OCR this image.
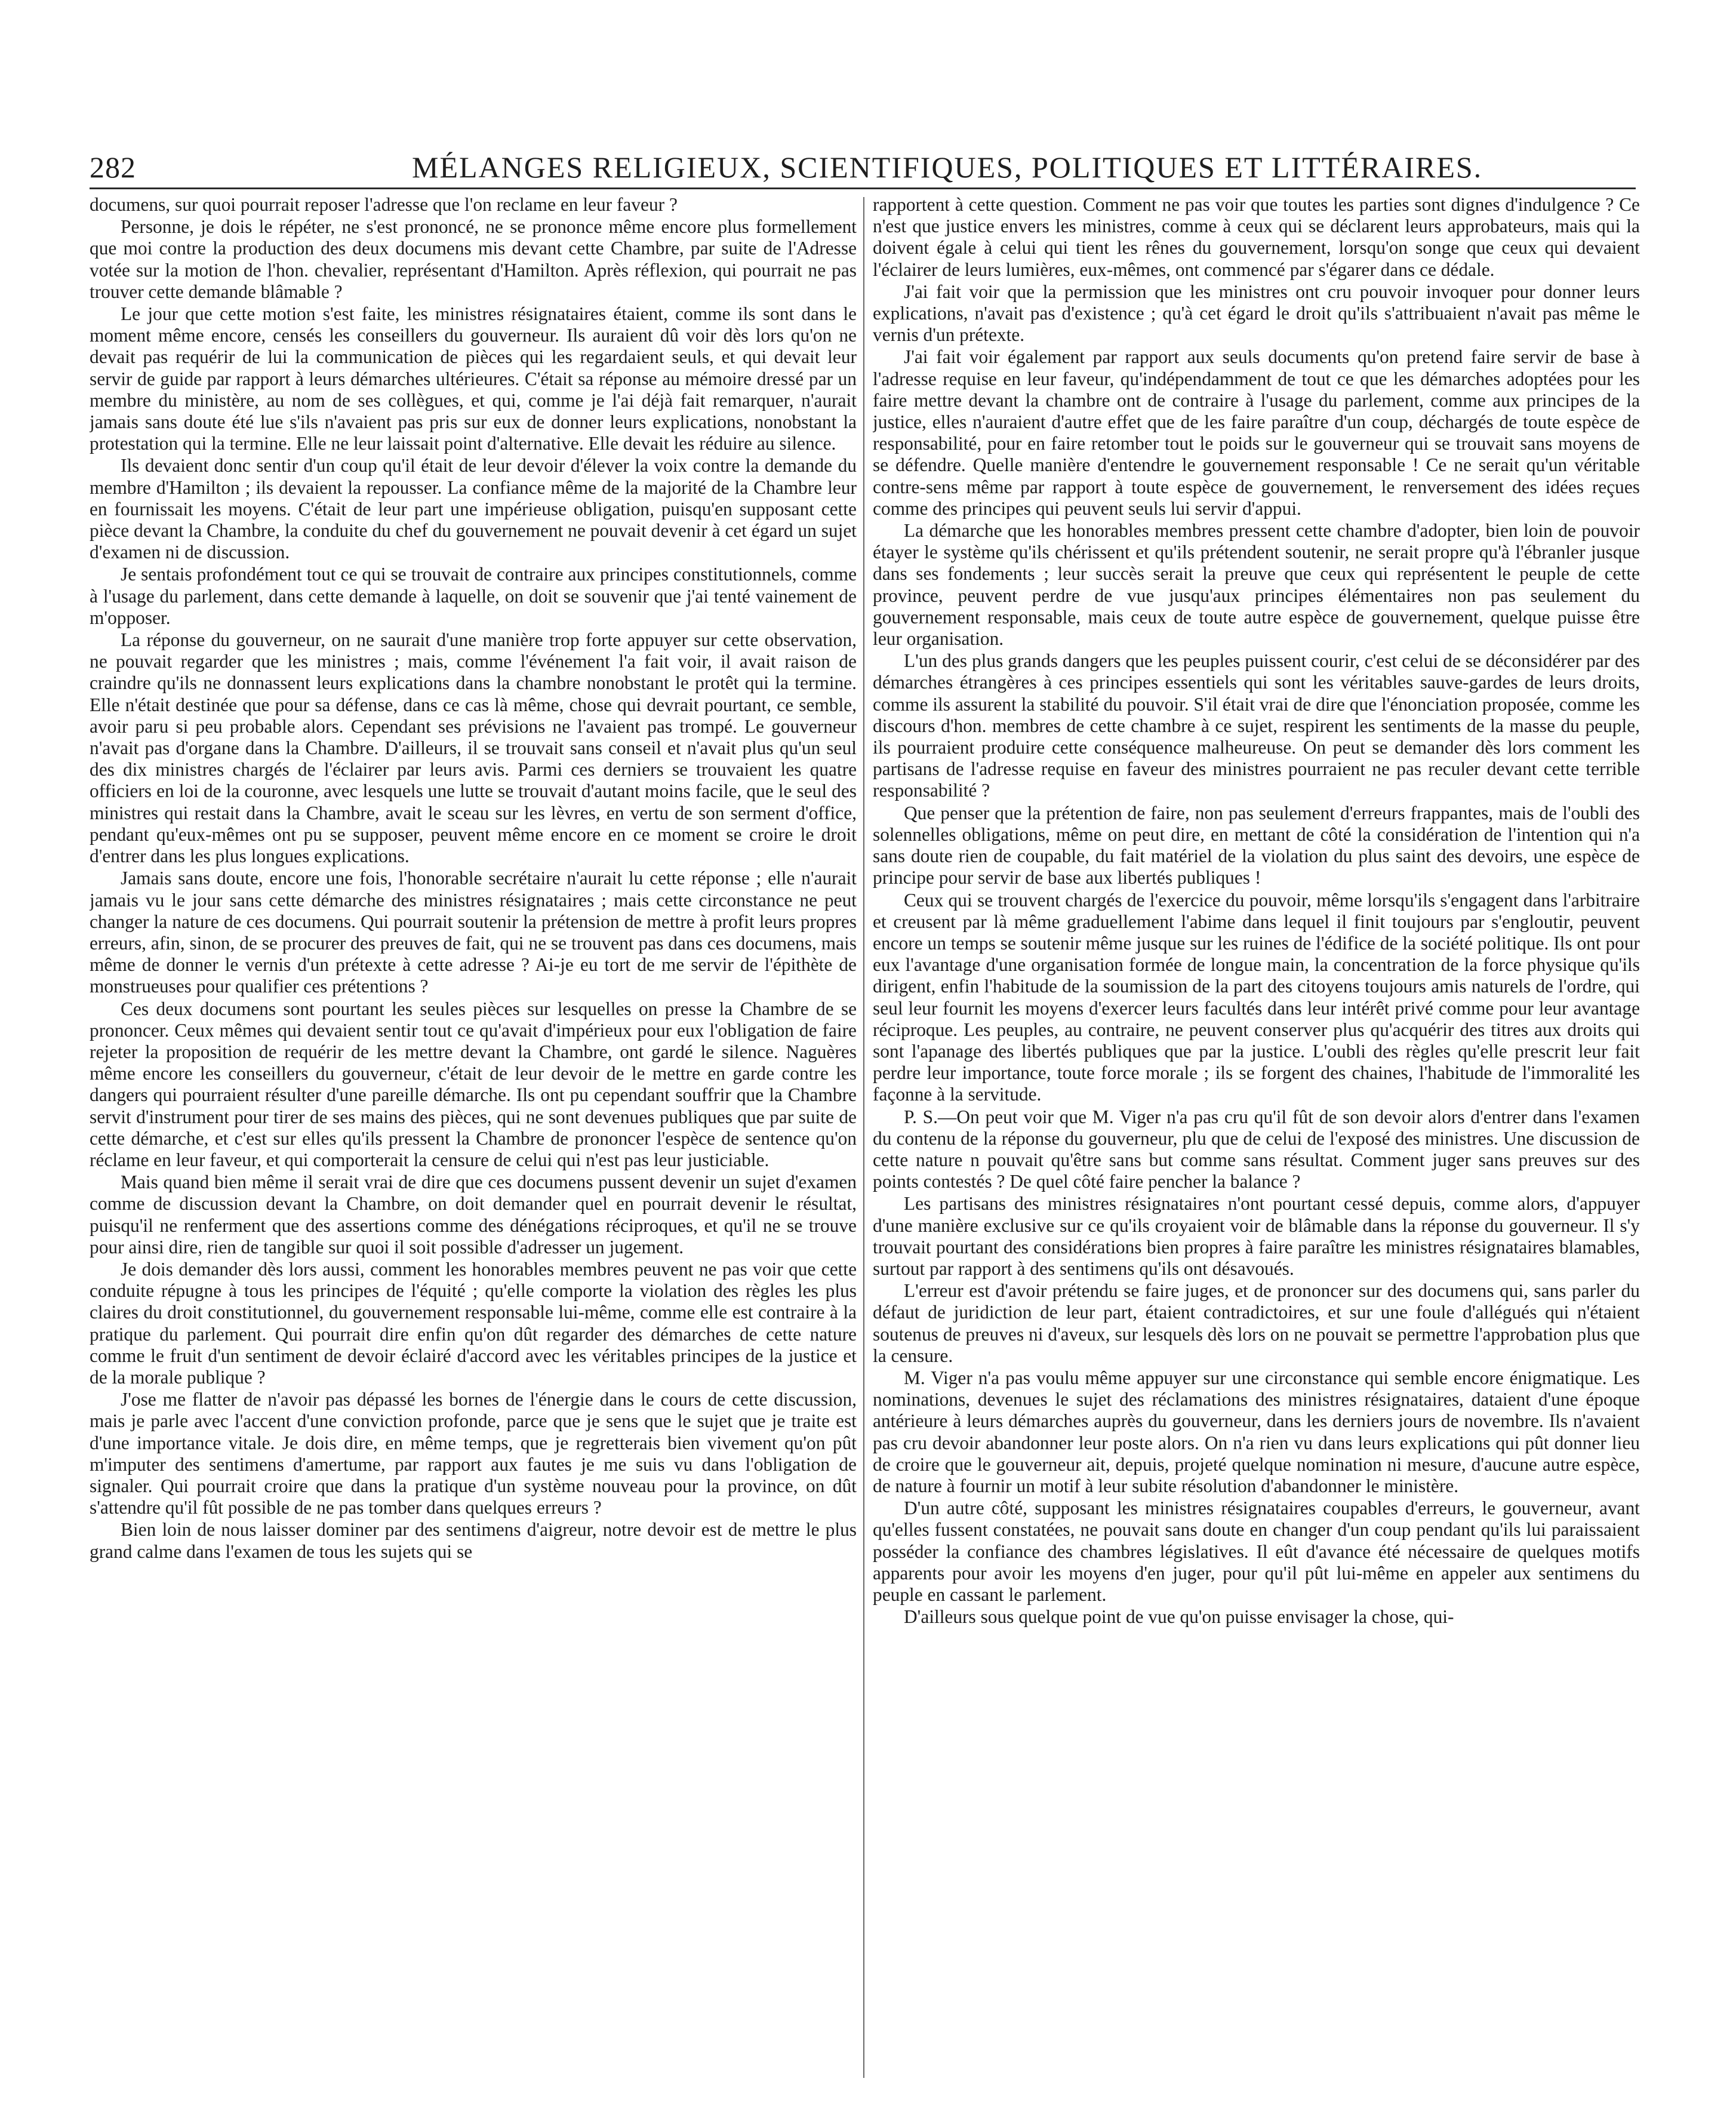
282	MÉLANGES RELIGIEUX, SCIENTIFIQUES, POLITIQUES ET LITTÉRAIRES.

documens, sur quoi pourrait reposer l'adresse que l'on reclame en leur faveur ?

Personne, je dois le répéter, ne s'est prononcé, ne se prononce même encore plus formellement que moi contre la production des deux documens mis devant cette Chambre, par suite de l'Adresse votée sur la motion de l'hon. chevalier, représentant d'Hamilton. Après réflexion, qui pourrait ne pas trouver cette demande blâmable ?

Le jour que cette motion s'est faite, les ministres résignataires étaient, comme ils sont dans le moment même encore, censés les conseillers du gouverneur. Ils auraient dû voir dès lors qu'on ne devait pas requérir de lui la communication de pièces qui les regardaient seuls, et qui devait leur servir de guide par rapport à leurs démarches ultérieures. C'était sa réponse au mémoire dressé par un membre du ministère, au nom de ses collègues, et qui, comme je l'ai déjà fait remarquer, n'aurait jamais sans doute été lue s'ils n'avaient pas pris sur eux de donner leurs explications, nonobstant la protestation qui la termine. Elle ne leur laissait point d'alternative. Elle devait les réduire au silence.

Ils devaient donc sentir d'un coup qu'il était de leur devoir d'élever la voix contre la demande du membre d'Hamilton ; ils devaient la repousser. La confiance même de la majorité de la Chambre leur en fournissait les moyens. C'était de leur part une impérieuse obligation, puisqu'en supposant cette pièce devant la Chambre, la conduite du chef du gouvernement ne pouvait devenir à cet égard un sujet d'examen ni de discussion.

Je sentais profondément tout ce qui se trouvait de contraire aux principes constitutionnels, comme à l'usage du parlement, dans cette demande à laquelle, on doit se souvenir que j'ai tenté vainement de m'opposer.

La réponse du gouverneur, on ne saurait d'une manière trop forte appuyer sur cette observation, ne pouvait regarder que les ministres ; mais, comme l'événement l'a fait voir, il avait raison de craindre qu'ils ne donnassent leurs explications dans la chambre nonobstant le protêt qui la termine. Elle n'était destinée que pour sa défense, dans ce cas là même, chose qui devrait pourtant, ce semble, avoir paru si peu probable alors. Cependant ses prévisions ne l'avaient pas trompé. Le gouverneur n'avait pas d'organe dans la Chambre. D'ailleurs, il se trouvait sans conseil et n'avait plus qu'un seul des dix ministres chargés de l'éclairer par leurs avis. Parmi ces derniers se trouvaient les quatre officiers en loi de la couronne, avec lesquels une lutte se trouvait d'autant moins facile, que le seul des ministres qui restait dans la Chambre, avait le sceau sur les lèvres, en vertu de son serment d'office, pendant qu'eux-mêmes ont pu se supposer, peuvent même encore en ce moment se croire le droit d'entrer dans les plus longues explications.

Jamais sans doute, encore une fois, l'honorable secrétaire n'aurait lu cette réponse ; elle n'aurait jamais vu le jour sans cette démarche des ministres résignataires ; mais cette circonstance ne peut changer la nature de ces documens. Qui pourrait soutenir la prétension de mettre à profit leurs propres erreurs, afin, sinon, de se procurer des preuves de fait, qui ne se trouvent pas dans ces documens, mais même de donner le vernis d'un prétexte à cette adresse ? Ai-je eu tort de me servir de l'épithète de monstrueuses pour qualifier ces prétentions ?

Ces deux documens sont pourtant les seules pièces sur lesquelles on presse la Chambre de se prononcer. Ceux mêmes qui devaient sentir tout ce qu'avait d'impérieux pour eux l'obligation de faire rejeter la proposition de requérir de les mettre devant la Chambre, ont gardé le silence. Naguères même encore les conseillers du gouverneur, c'était de leur devoir de le mettre en garde contre les dangers qui pourraient résulter d'une pareille démarche. Ils ont pu cependant souffrir que la Chambre servit d'instrument pour tirer de ses mains des pièces, qui ne sont devenues publiques que par suite de cette démarche, et c'est sur elles qu'ils pressent la Chambre de prononcer l'espèce de sentence qu'on réclame en leur faveur, et qui comporterait la censure de celui qui n'est pas leur justiciable.

Mais quand bien même il serait vrai de dire que ces documens pussent devenir un sujet d'examen comme de discussion devant la Chambre, on doit demander quel en pourrait devenir le résultat, puisqu'il ne renferment que des assertions comme des dénégations réciproques, et qu'il ne se trouve pour ainsi dire, rien de tangible sur quoi il soit possible d'adresser un jugement.

Je dois demander dès lors aussi, comment les honorables membres peuvent ne pas voir que cette conduite répugne à tous les principes de l'équité ; qu'elle comporte la violation des règles les plus claires du droit constitutionnel, du gouvernement responsable lui-même, comme elle est contraire à la pratique du parlement. Qui pourrait dire enfin qu'on dût regarder des démarches de cette nature comme le fruit d'un sentiment de devoir éclairé d'accord avec les véritables principes de la justice et de la morale publique ?

J'ose me flatter de n'avoir pas dépassé les bornes de l'énergie dans le cours de cette discussion, mais je parle avec l'accent d'une conviction profonde, parce que je sens que le sujet que je traite est d'une importance vitale. Je dois dire, en même temps, que je regretterais bien vivement qu'on pût m'imputer des sentimens d'amertume, par rapport aux fautes je me suis vu dans l'obligation de signaler. Qui pourrait croire que dans la pratique d'un système nouveau pour la province, on dût s'attendre qu'il fût possible de ne pas tomber dans quelques erreurs ?

Bien loin de nous laisser dominer par des sentimens d'aigreur, notre devoir est de mettre le plus grand calme dans l'examen de tous les sujets qui se

rapportent à cette question. Comment ne pas voir que toutes les parties sont dignes d'indulgence ? Ce n'est que justice envers les ministres, comme à ceux qui se déclarent leurs approbateurs, mais qui la doivent égale à celui qui tient les rênes du gouvernement, lorsqu'on songe que ceux qui devaient l'éclairer de leurs lumières, eux-mêmes, ont commencé par s'égarer dans ce dédale.

J'ai fait voir que la permission que les ministres ont cru pouvoir invoquer pour donner leurs explications, n'avait pas d'existence ; qu'à cet égard le droit qu'ils s'attribuaient n'avait pas même le vernis d'un prétexte.

J'ai fait voir également par rapport aux seuls documents qu'on pretend faire servir de base à l'adresse requise en leur faveur, qu'indépendamment de tout ce que les démarches adoptées pour les faire mettre devant la chambre ont de contraire à l'usage du parlement, comme aux principes de la justice, elles n'auraient d'autre effet que de les faire paraître d'un coup, déchargés de toute espèce de responsabilité, pour en faire retomber tout le poids sur le gouverneur qui se trouvait sans moyens de se défendre. Quelle manière d'entendre le gouvernement responsable ! Ce ne serait qu'un véritable contre-sens même par rapport à toute espèce de gouvernement, le renversement des idées reçues comme des principes qui peuvent seuls lui servir d'appui.

La démarche que les honorables membres pressent cette chambre d'adopter, bien loin de pouvoir étayer le système qu'ils chérissent et qu'ils prétendent soutenir, ne serait propre qu'à l'ébranler jusque dans ses fondements ; leur succès serait la preuve que ceux qui représentent le peuple de cette province, peuvent perdre de vue jusqu'aux principes élémentaires non pas seulement du gouvernement responsable, mais ceux de toute autre espèce de gouvernement, quelque puisse être leur organisation.

L'un des plus grands dangers que les peuples puissent courir, c'est celui de se déconsidérer par des démarches étrangères à ces principes essentiels qui sont les véritables sauve-gardes de leurs droits, comme ils assurent la stabilité du pouvoir. S'il était vrai de dire que l'énonciation proposée, comme les discours d'hon. membres de cette chambre à ce sujet, respirent les sentiments de la masse du peuple, ils pourraient produire cette conséquence malheureuse. On peut se demander dès lors comment les partisans de l'adresse requise en faveur des ministres pourraient ne pas reculer devant cette terrible responsabilité ?

Que penser que la prétention de faire, non pas seulement d'erreurs frappantes, mais de l'oubli des solennelles obligations, même on peut dire, en mettant de côté la considération de l'intention qui n'a sans doute rien de coupable, du fait matériel de la violation du plus saint des devoirs, une espèce de principe pour servir de base aux libertés publiques !

Ceux qui se trouvent chargés de l'exercice du pouvoir, même lorsqu'ils s'engagent dans l'arbitraire et creusent par là même graduellement l'abime dans lequel il finit toujours par s'engloutir, peuvent encore un temps se soutenir même jusque sur les ruines de l'édifice de la société politique. Ils ont pour eux l'avantage d'une organisation formée de longue main, la concentration de la force physique qu'ils dirigent, enfin l'habitude de la soumission de la part des citoyens toujours amis naturels de l'ordre, qui seul leur fournit les moyens d'exercer leurs facultés dans leur intérêt privé comme pour leur avantage réciproque. Les peuples, au contraire, ne peuvent conserver plus qu'acquérir des titres aux droits qui sont l'apanage des libertés publiques que par la justice. L'oubli des règles qu'elle prescrit leur fait perdre leur importance, toute force morale ; ils se forgent des chaines, l'habitude de l'immoralité les façonne à la servitude.

P. S.—On peut voir que M. Viger n'a pas cru qu'il fût de son devoir alors d'entrer dans l'examen du contenu de la réponse du gouverneur, plu que de celui de l'exposé des ministres. Une discussion de cette nature n pouvait qu'être sans but comme sans résultat. Comment juger sans preuves sur des points contestés ? De quel côté faire pencher la balance ?

Les partisans des ministres résignataires n'ont pourtant cessé depuis, comme alors, d'appuyer d'une manière exclusive sur ce qu'ils croyaient voir de blâmable dans la réponse du gouverneur. Il s'y trouvait pourtant des considérations bien propres à faire paraître les ministres résignataires blamables, surtout par rapport à des sentimens qu'ils ont désavoués.

L'erreur est d'avoir prétendu se faire juges, et de prononcer sur des documens qui, sans parler du défaut de juridiction de leur part, étaient contradictoires, et sur une foule d'allégués qui n'étaient soutenus de preuves ni d'aveux, sur lesquels dès lors on ne pouvait se permettre l'approbation plus que la censure.

M. Viger n'a pas voulu même appuyer sur une circonstance qui semble encore énigmatique. Les nominations, devenues le sujet des réclamations des ministres résignataires, dataient d'une époque antérieure à leurs démarches auprès du gouverneur, dans les derniers jours de novembre. Ils n'avaient pas cru devoir abandonner leur poste alors. On n'a rien vu dans leurs explications qui pût donner lieu de croire que le gouverneur ait, depuis, projeté quelque nomination ni mesure, d'aucune autre espèce, de nature à fournir un motif à leur subite résolution d'abandonner le ministère.

D'un autre côté, supposant les ministres résignataires coupables d'erreurs, le gouverneur, avant qu'elles fussent constatées, ne pouvait sans doute en changer d'un coup pendant qu'ils lui paraissaient posséder la confiance des chambres législatives. Il eût d'avance été nécessaire de quelques motifs apparents pour avoir les moyens d'en juger, pour qu'il pût lui-même en appeler aux sentimens du peuple en cassant le parlement.

D'ailleurs sous quelque point de vue qu'on puisse envisager la chose, qui-
